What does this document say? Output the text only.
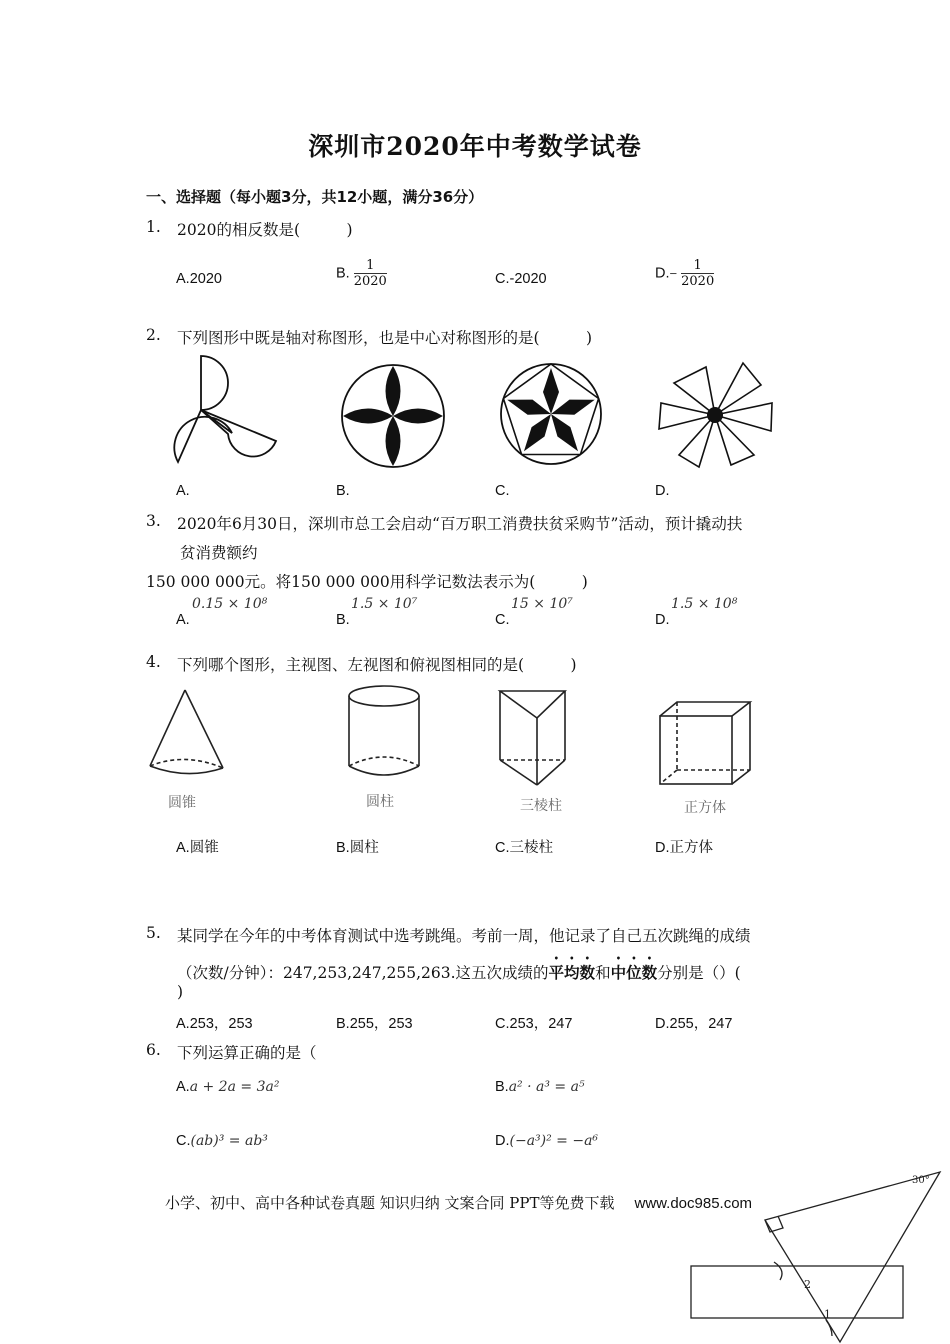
深圳市2020年中考数学试卷
一、选择题（每小题3分，共12小题，满分36分）
1. 2020的相反数是(　　　)
A.2020	B. $\frac{1}{2020}$	C.-2020	$D.- \frac{1}{2020}$
2. 下列图形中既是轴对称图形，也是中心对称图形的是(　　　)
A.	B.	C.	D.
3. 2020年6月30日，深圳市总工会启动“百万职工消费扶贫采购节”活动，预计撬动扶
贫消费额约
150 000 000元。将150 000 000用科学记数法表示为(　　　)
0.15 × 10⁸
A.
1.5 × 10⁷
B.
15 × 10⁷
C.
1.5 × 10⁸
D.
4. 下列哪个图形，主视图、左视图和俯视图相同的是(　　　)
圆锥	圆柱	三棱柱	正方体
A.圆锥	B.圆柱	C.三棱柱	D.正方体
5. 某同学在今年的中考体育测试中选考跳绳。考前一周，他记录了自己五次跳绳的成绩
（次数/分钟）：247,253,247,255,263.这五次成绩的平均数和中位数分别是（）(
)
A.253，253	B.255，253	C.253，247	D.255，247
6. 下列运算正确的是（
A.a + 2a = 3a²	B.a² · a³ = a⁵
C.(ab)³ = ab³	D.(−a³)² = −a⁶
小学、初中、高中各种试卷真题 知识归纳 文案合同 PPT等免费下载 www.doc985.com
30°
2
1
